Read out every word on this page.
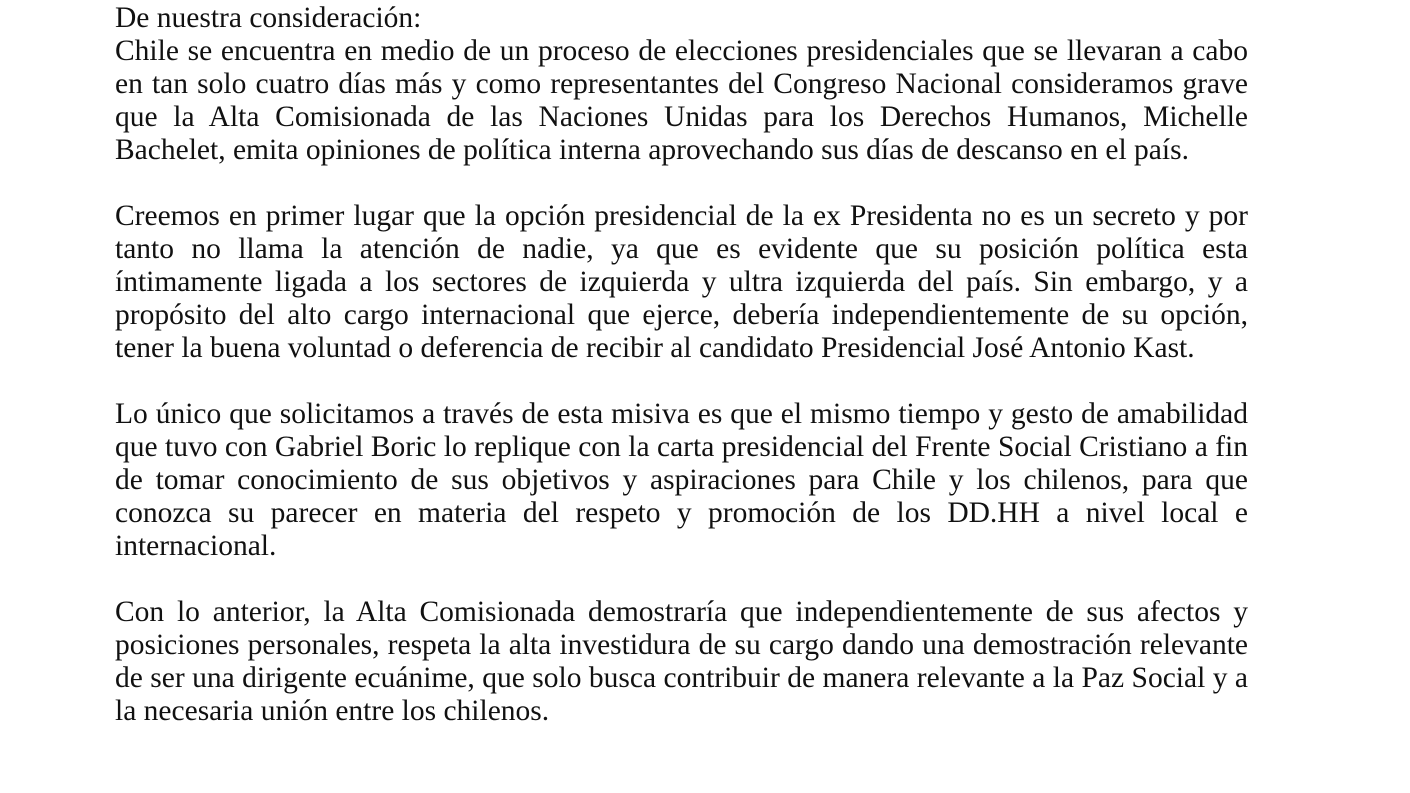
De nuestra consideración:

Chile se encuentra en medio de un proceso de elecciones presidenciales que se llevaran a cabo en tan solo cuatro días más y como representantes del Congreso Nacional consideramos grave que la Alta Comisionada de las Naciones Unidas para los Derechos Humanos, Michelle Bachelet, emita opiniones de política interna aprovechando sus días de descanso en el país.

Creemos en primer lugar que la opción presidencial de la ex Presidenta no es un secreto y por tanto no llama la atención de nadie, ya que es evidente que su posición política esta íntimamente ligada a los sectores de izquierda y ultra izquierda del país. Sin embargo, y a propósito del alto cargo internacional que ejerce, debería independientemente de su opción, tener la buena voluntad o deferencia de recibir al candidato Presidencial José Antonio Kast.

Lo único que solicitamos a través de esta misiva es que el mismo tiempo y gesto de amabilidad que tuvo con Gabriel Boric lo replique con la carta presidencial del Frente Social Cristiano a fin de tomar conocimiento de sus objetivos y aspiraciones para Chile y los chilenos, para que conozca su parecer en materia del respeto y promoción de los DD.HH a nivel local e internacional.

Con lo anterior, la Alta Comisionada demostraría que independientemente de sus afectos y posiciones personales, respeta la alta investidura de su cargo dando una demostración relevante de ser una dirigente ecuánime, que solo busca contribuir de manera relevante a la Paz Social y a la necesaria unión entre los chilenos.
